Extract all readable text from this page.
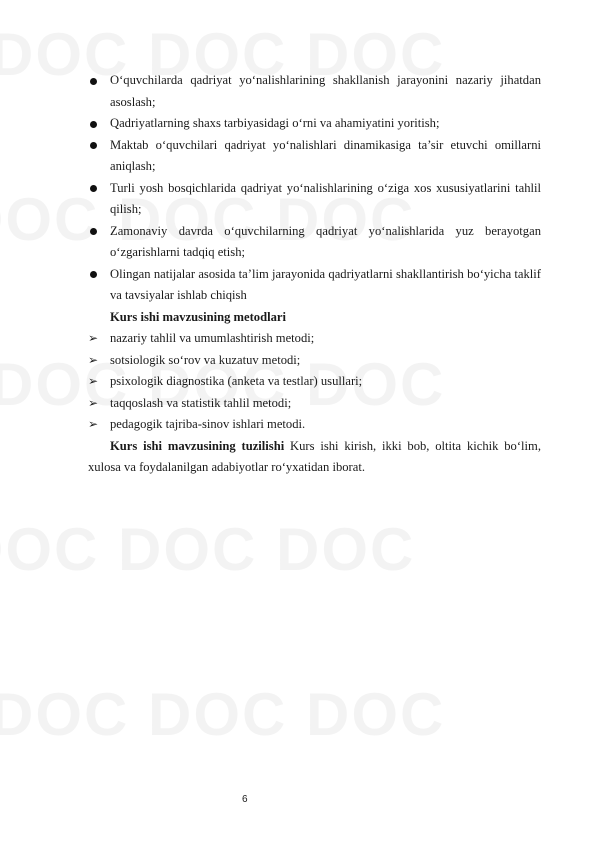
O‘quvchilarda qadriyat yo‘nalishlarining shakllanish jarayonini nazariy jihatdan asoslash;
Qadriyatlarning shaxs tarbiyasidagi o‘rni va ahamiyatini yoritish;
Maktab o‘quvchilari qadriyat yo‘nalishlari dinamikasiga ta’sir etuvchi omillarni aniqlash;
Turli yosh bosqichlarida qadriyat yo‘nalishlarining o‘ziga xos xususiyatlarini tahlil qilish;
Zamonaviy davrda o‘quvchilarning qadriyat yo‘nalishlarida yuz berayotgan o‘zgarishlarni tadqiq etish;
Olingan natijalar asosida ta’lim jarayonida qadriyatlarni shakllantirish bo‘yicha taklif va tavsiyalar ishlab chiqish
Kurs ishi mavzusining metodlari
➢ nazariy tahlil va umumlashtirish metodi;
➢ sotsiologik so‘rov va kuzatuv metodi;
➢ psixologik diagnostika (anketa va testlar) usullari;
➢ taqqoslash va statistik tahlil metodi;
➢ pedagogik tajriba-sinov ishlari metodi.
Kurs ishi mavzusining tuzilishi Kurs ishi kirish, ikki bob, oltita kichik bo‘lim, xulosa va foydalanilgan adabiyotlar ro‘yxatidan iborat.
6
